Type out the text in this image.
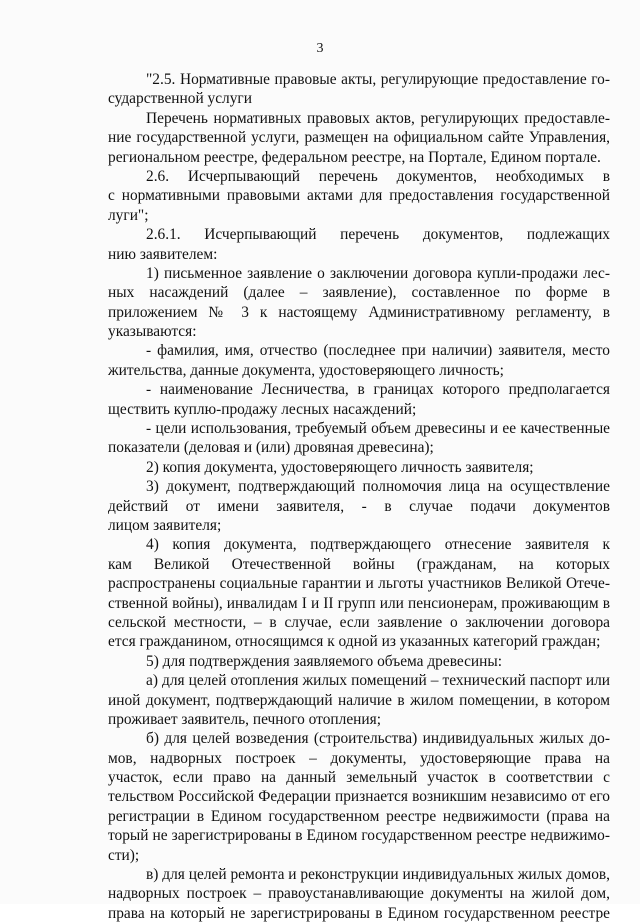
3
"2.5. Нормативные правовые акты, регулирующие предоставление го-
сударственной услуги
Перечень нормативных правовых актов, регулирующих предоставле-
ние государственной услуги, размещен на официальном сайте Управления,
региональном реестре, федеральном реестре, на Портале, Едином портале.
2.6. Исчерпывающий перечень документов, необходимых в
с нормативными правовыми актами для предоставления государственной
луги";
2.6.1. Исчерпывающий перечень документов, подлежащих
нию заявителем:
1) письменное заявление о заключении договора купли-продажи лес-
ных насаждений (далее – заявление), составленное по форме в
приложением № 3 к настоящему Административному регламенту, в
указываются:
- фамилия, имя, отчество (последнее при наличии) заявителя, место
жительства, данные документа, удостоверяющего личность;
- наименование Лесничества, в границах которого предполагается
ществить куплю-продажу лесных насаждений;
- цели использования, требуемый объем древесины и ее качественные
показатели (деловая и (или) дровяная древесина);
2) копия документа, удостоверяющего личность заявителя;
3) документ, подтверждающий полномочия лица на осуществление
действий от имени заявителя, - в случае подачи документов
лицом заявителя;
4) копия документа, подтверждающего отнесение заявителя к
кам Великой Отечественной войны (гражданам, на которых
распространены социальные гарантии и льготы участников Великой Отече-
ственной войны), инвалидам I и II групп или пенсионерам, проживающим в
сельской местности, – в случае, если заявление о заключении договора
ется гражданином, относящимся к одной из указанных категорий граждан;
5) для подтверждения заявляемого объема древесины:
а) для целей отопления жилых помещений – технический паспорт или
иной документ, подтверждающий наличие в жилом помещении, в котором
проживает заявитель, печного отопления;
б) для целей возведения (строительства) индивидуальных жилых до-
мов, надворных построек – документы, удостоверяющие права на
участок, если право на данный земельный участок в соответствии с
тельством Российской Федерации признается возникшим независимо от его
регистрации в Едином государственном реестре недвижимости (права на
торый не зарегистрированы в Едином государственном реестре недвижимо-
сти);
в) для целей ремонта и реконструкции индивидуальных жилых домов,
надворных построек – правоустанавливающие документы на жилой дом,
права на который не зарегистрированы в Едином государственном реестре
